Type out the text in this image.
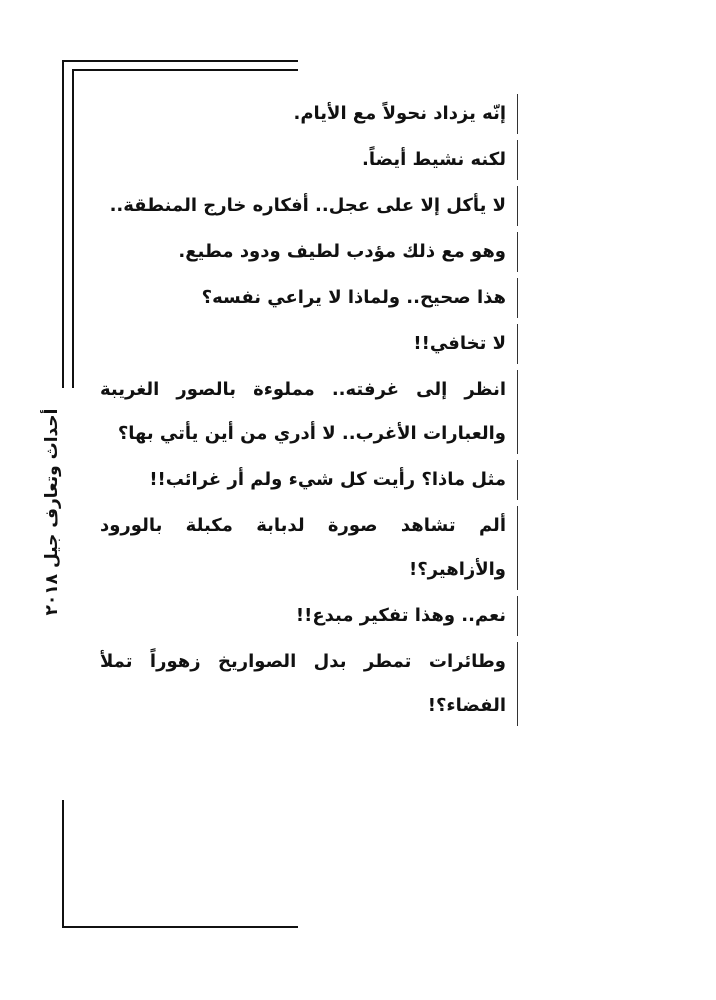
أحداث وتعارف جيل ٢٠١٨

إنّه يزداد نحولاً مع الأيام.

لكنه نشيط أيضاً.

لا يأكل إلا على عجل.. أفكاره خارج المنطقة..

وهو مع ذلك مؤدب لطيف ودود مطيع.

هذا صحيح.. ولماذا لا يراعي نفسه؟

لا تخافي!!

انظر إلى غرفته.. مملوءة بالصور الغريبة والعبارات الأغرب.. لا أدري من أين يأتي بها؟

مثل ماذا؟ رأيت كل شيء ولم أر غرائب!!

ألم تشاهد صورة لدبابة مكبلة بالورود والأزاهير؟!

نعم.. وهذا تفكير مبدع!!

وطائرات تمطر بدل الصواريخ زهوراً تملأ الفضاء؟!
